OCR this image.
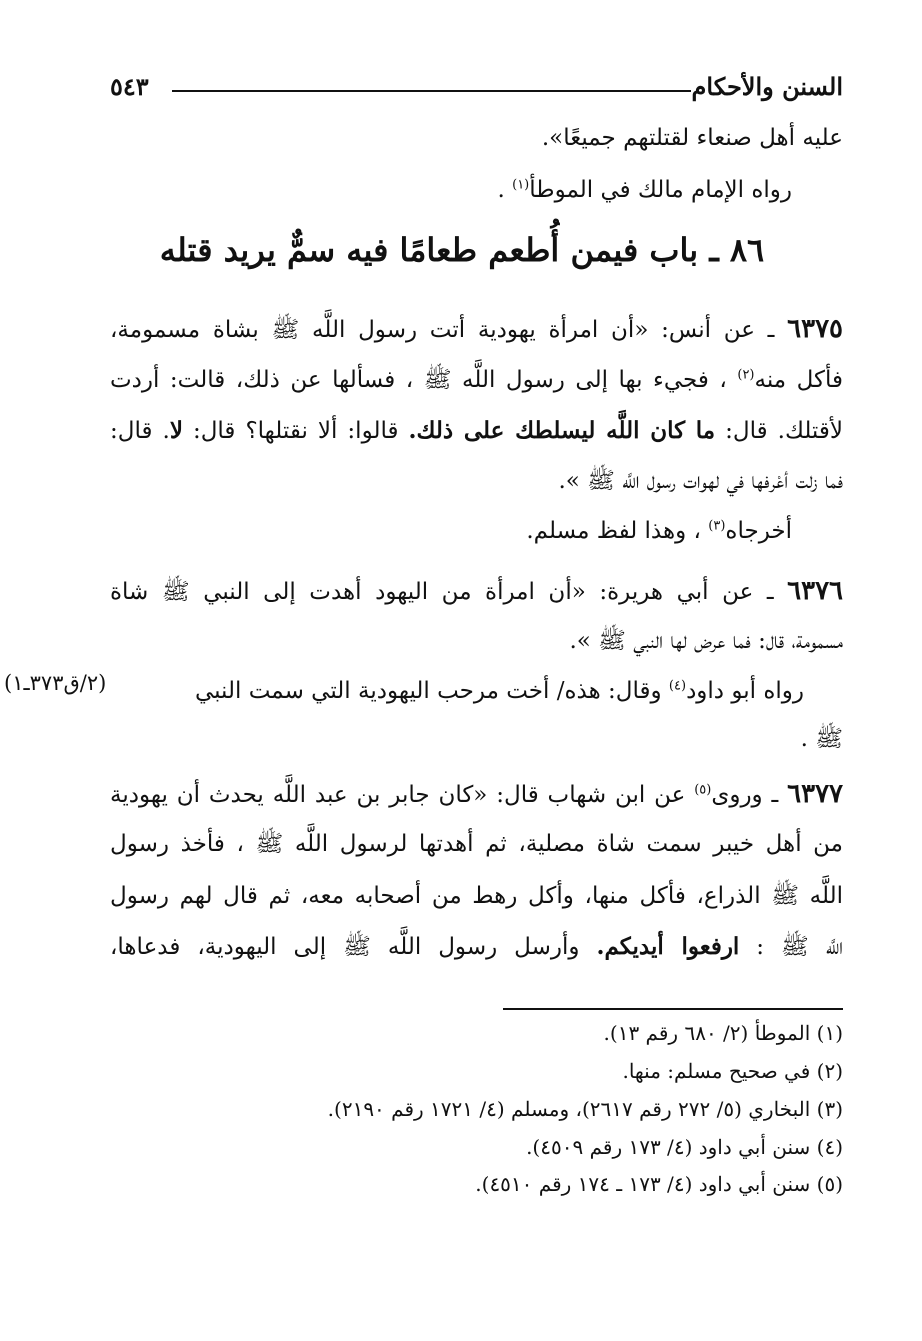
السنن والأحكام
٥٤٣
عليه أهل صنعاء لقتلتهم جميعًا».
رواه الإمام مالك في الموطأ$^{(١)}$ .
٨٦ ـ باب فيمن أُطعم طعامًا فيه سمٌّ يريد قتله
٦٣٧٥ ـ عن أنس: «أن امرأة يهودية أتت رسول اللَّه ﷺ بشاة مسمومة،
فأكل منه$^{(٢)}$ ، فجيء بها إلى رسول اللَّه ﷺ ، فسألها عن ذلك، قالت: أردت
لأقتلك. قال: ما كان اللَّه ليسلطك على ذلك. قالوا: ألا نقتلها؟ قال: لا. قال:
فما زلت أعْرفها في لهوات رسول اللَّه ﷺ ».
أخرجاه$^{(٣)}$ ، وهذا لفظ مسلم.
٦٣٧٦ ـ عن أبي هريرة: «أن امرأة من اليهود أهدت إلى النبي ﷺ شاة
مسمومة، قال: فما عرض لها النبي ﷺ ».
رواه أبو داود$^{(٤)}$ وقال: هذه/ أخت مرحب اليهودية التي سمت النبي
(٢/ق٣٧٣ـ١)
ﷺ .
٦٣٧٧ ـ وروى$^{(٥)}$ عن ابن شهاب قال: «كان جابر بن عبد اللَّه يحدث أن يهودية
من أهل خيبر سمت شاة مصلية، ثم أهدتها لرسول اللَّه ﷺ ، فأخذ رسول
اللَّه ﷺ الذراع، فأكل منها، وأكل رهط من أصحابه معه، ثم قال لهم رسول
اللَّه ﷺ : ارفعوا أيديكم. وأرسل رسول اللَّه ﷺ إلى اليهودية، فدعاها،
(١) الموطأ (٢/ ٦٨٠ رقم ١٣).
(٢) في صحيح مسلم: منها.
(٣) البخاري (٥/ ٢٧٢ رقم ٢٦١٧)، ومسلم (٤/ ١٧٢١ رقم ٢١٩٠).
(٤) سنن أبي داود (٤/ ١٧٣ رقم ٤٥٠٩).
(٥) سنن أبي داود (٤/ ١٧٣ ـ ١٧٤ رقم ٤٥١٠).
